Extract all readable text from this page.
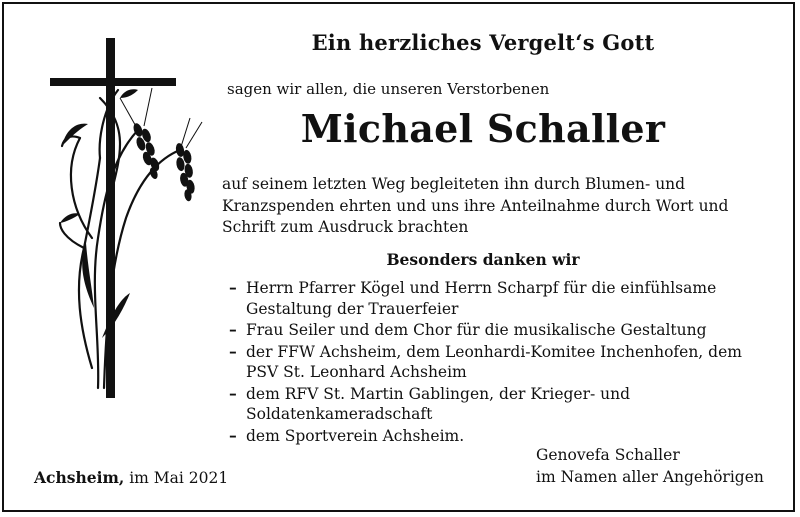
Ein herzliches Vergelt‘s Gott
sagen wir allen, die unseren Verstorbenen
Michael Schaller
auf seinem letzten Weg begleiteten ihn durch Blumen- und
Kranzspenden ehrten und uns ihre Anteilnahme durch Wort und
Schrift zum Ausdruck brachten
Besonders danken wir
– Herrn Pfarrer Kögel und Herrn Scharpf für die einfühlsame
Gestaltung der Trauerfeier
– Frau Seiler und dem Chor für die musikalische Gestaltung
– der FFW Achsheim, dem Leonhardi-Komitee Inchenhofen, dem
PSV St. Leonhard Achsheim
– dem RFV St. Martin Gablingen, der Krieger- und
Soldatenkameradschaft
– dem Sportverein Achsheim.
Genovefa Schaller
im Namen aller Angehörigen
Achsheim, im Mai 2021
